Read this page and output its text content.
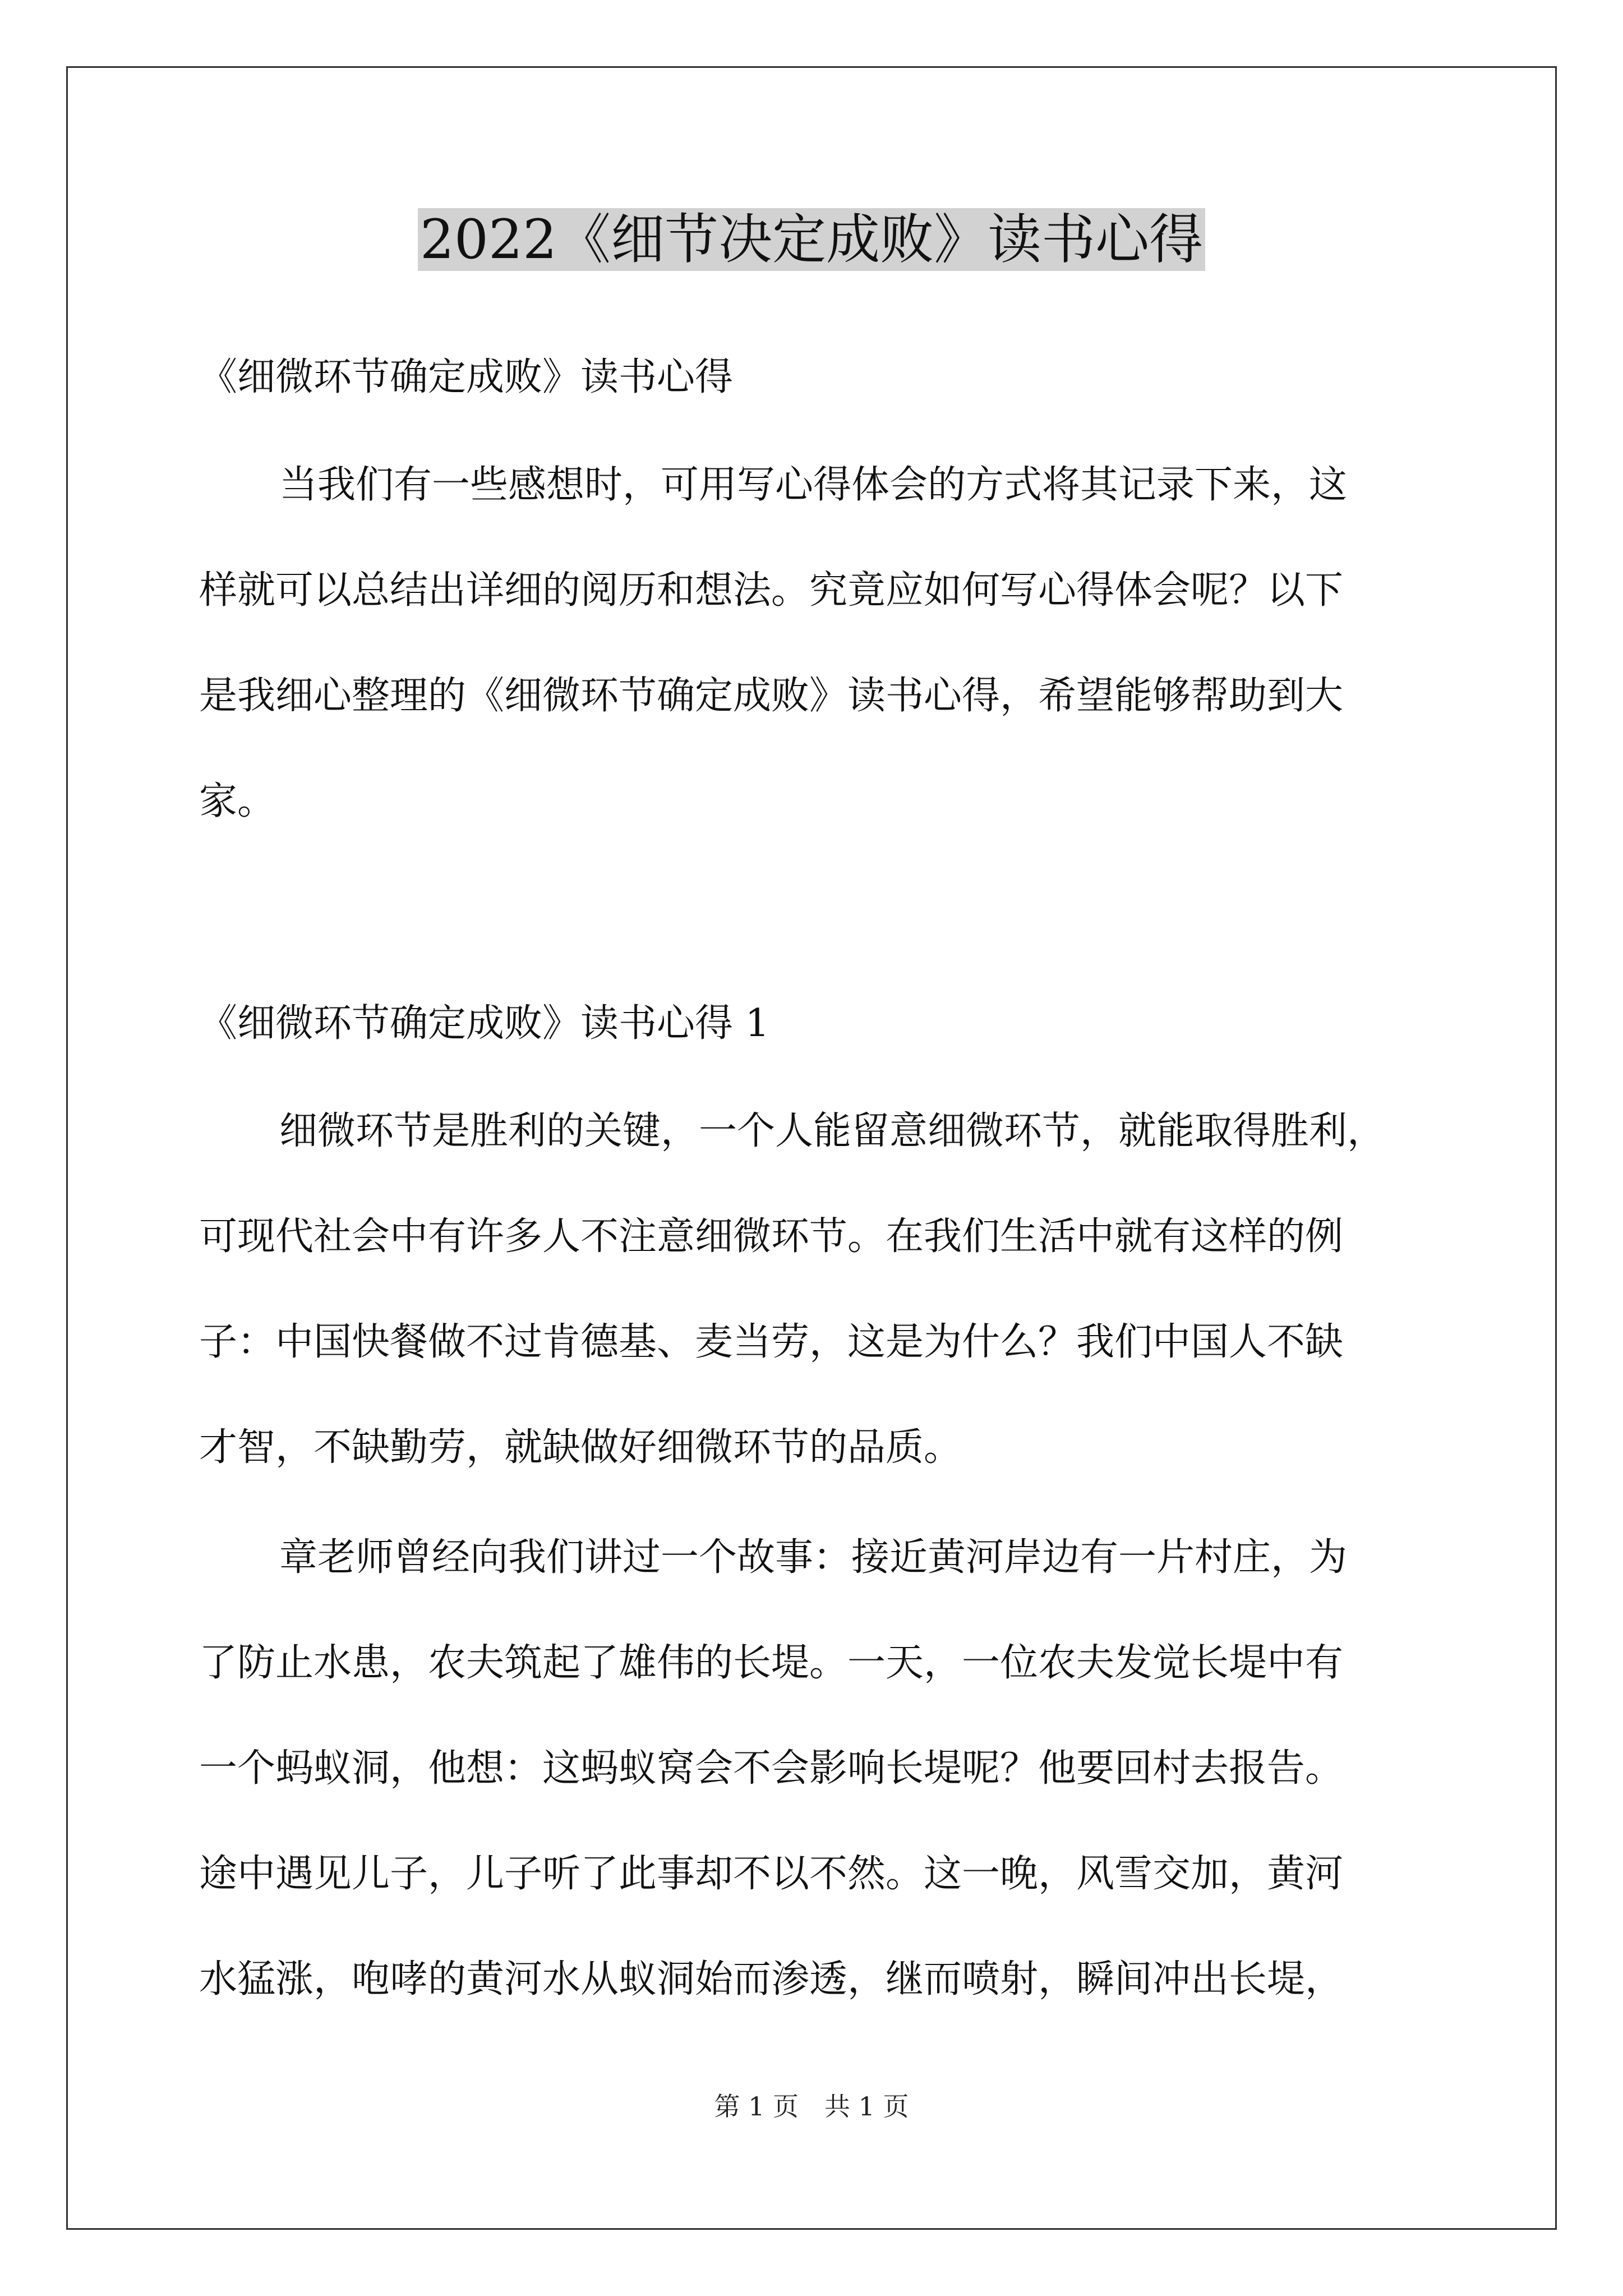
2022《细节决定成败》读书心得
《细微环节确定成败》读书心得
当我们有一些感想时，可用写心得体会的方式将其记录下来，这
样就可以总结出详细的阅历和想法。究竟应如何写心得体会呢？以下
是我细心整理的《细微环节确定成败》读书心得，希望能够帮助到大
家。
《细微环节确定成败》读书心得 1
细微环节是胜利的关键，一个人能留意细微环节，就能取得胜利，
可现代社会中有许多人不注意细微环节。在我们生活中就有这样的例
子：中国快餐做不过肯德基、麦当劳，这是为什么？我们中国人不缺
才智，不缺勤劳，就缺做好细微环节的品质。
章老师曾经向我们讲过一个故事：接近黄河岸边有一片村庄，为
了防止水患，农夫筑起了雄伟的长堤。一天，一位农夫发觉长堤中有
一个蚂蚁洞，他想：这蚂蚁窝会不会影响长堤呢？他要回村去报告。
途中遇见儿子，儿子听了此事却不以不然。这一晚，风雪交加，黄河
水猛涨，咆哮的黄河水从蚁洞始而渗透，继而喷射，瞬间冲出长堤，
第 1 页 共 1 页
